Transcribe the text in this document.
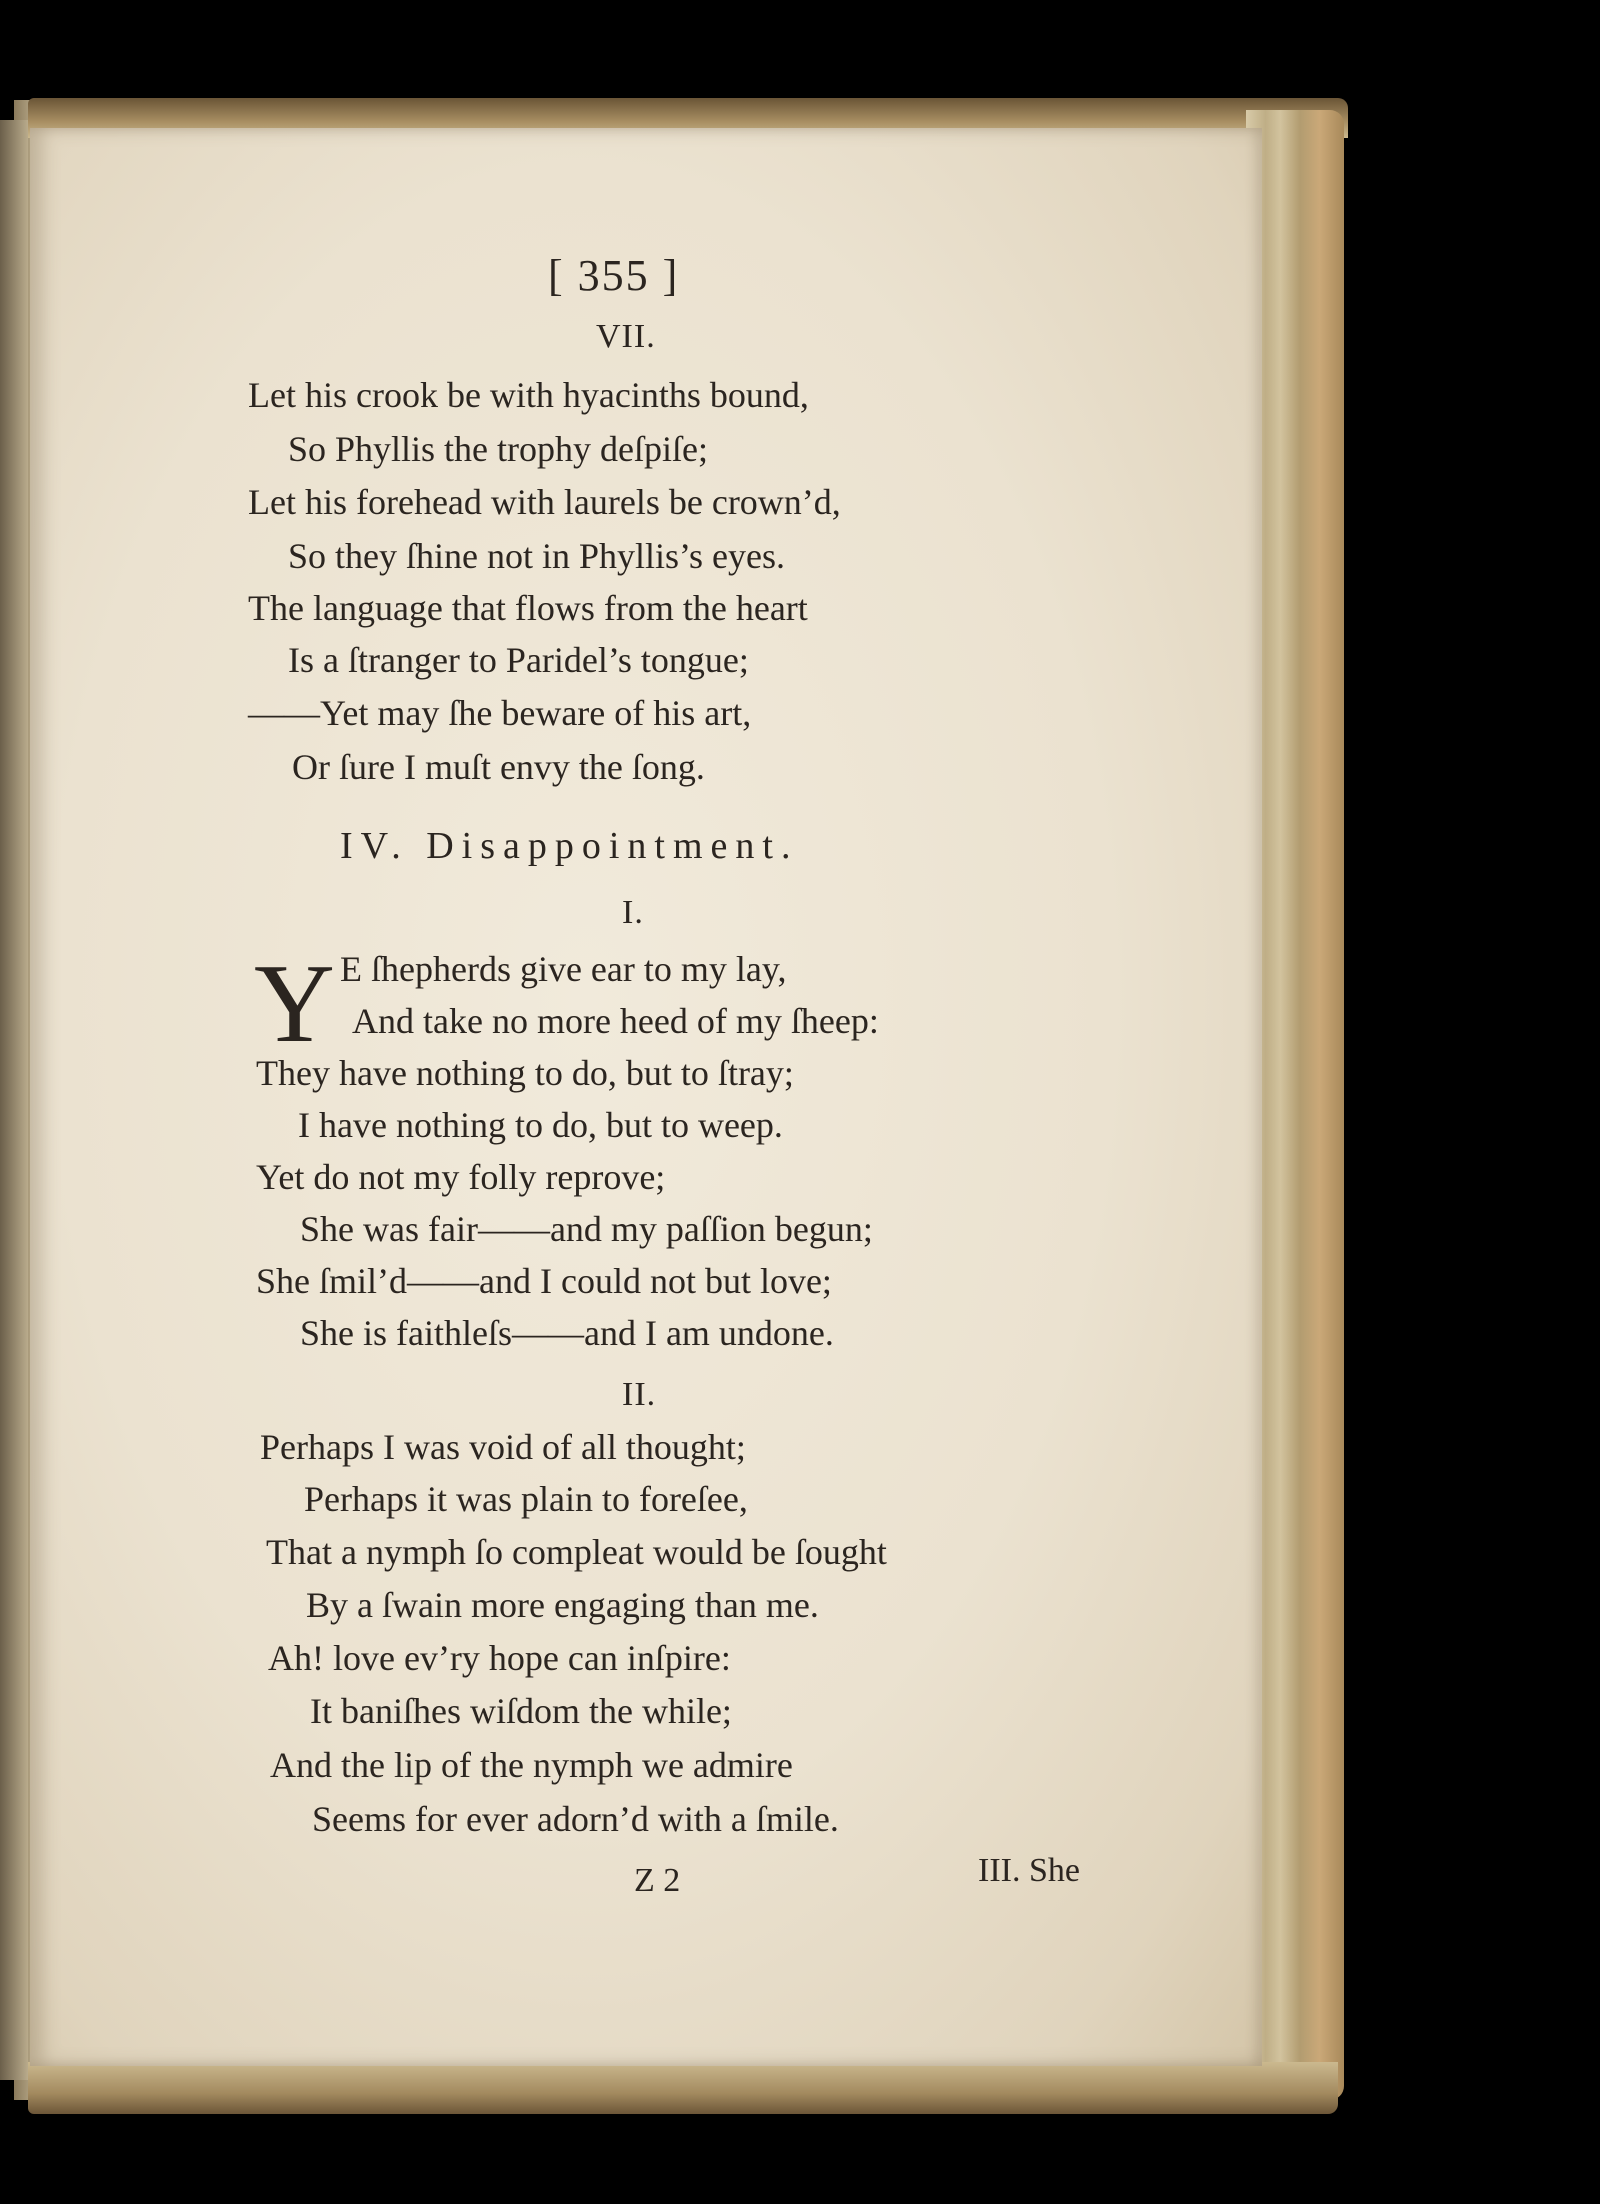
[ 355 ]
VII.
Let his crook be with hyacinths bound,
So Phyllis the trophy deſpiſe;
Let his forehead with laurels be crown’d,
So they ſhine not in Phyllis’s eyes.
The language that flows from the heart
Is a ſtranger to Paridel’s tongue;
——Yet may ſhe beware of his art,
Or ſure I muſt envy the ſong.
IV. Disappointment.
I.
Y E ſhepherds give ear to my lay,
And take no more heed of my ſheep:
They have nothing to do, but to ſtray;
I have nothing to do, but to weep.
Yet do not my folly reprove;
She was fair——and my paſſion begun;
She ſmil’d——and I could not but love;
She is faithleſs——and I am undone.
II.
Perhaps I was void of all thought;
Perhaps it was plain to foreſee,
That a nymph ſo compleat would be ſought
By a ſwain more engaging than me.
Ah! love ev’ry hope can inſpire:
It baniſhes wiſdom the while;
And the lip of the nymph we admire
Seems for ever adorn’d with a ſmile.
Z 2	III. She
